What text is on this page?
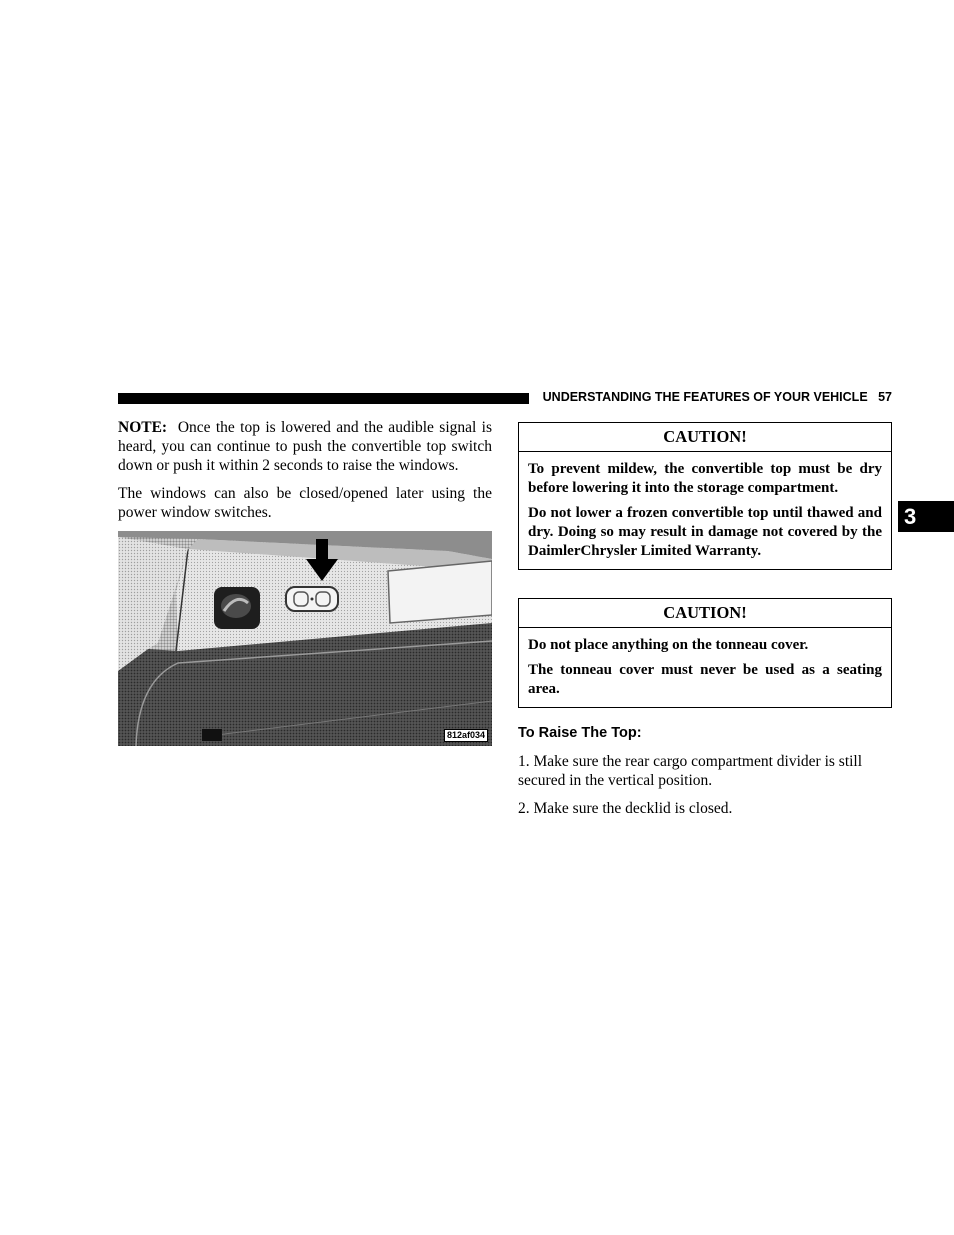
UNDERSTANDING THE FEATURES OF YOUR VEHICLE 57
3

NOTE: Once the top is lowered and the audible signal is heard, you can continue to push the convertible top switch down or push it within 2 seconds to raise the windows.

The windows can also be closed/opened later using the power window switches.

812af034
CAUTION!

To prevent mildew, the convertible top must be dry before lowering it into the storage compartment.

Do not lower a frozen convertible top until thawed and dry. Doing so may result in damage not covered by the DaimlerChrysler Limited Warranty.

CAUTION!

Do not place anything on the tonneau cover.

The tonneau cover must never be used as a seating area.

To Raise The Top:

1. Make sure the rear cargo compartment divider is still secured in the vertical position.

2. Make sure the decklid is closed.
